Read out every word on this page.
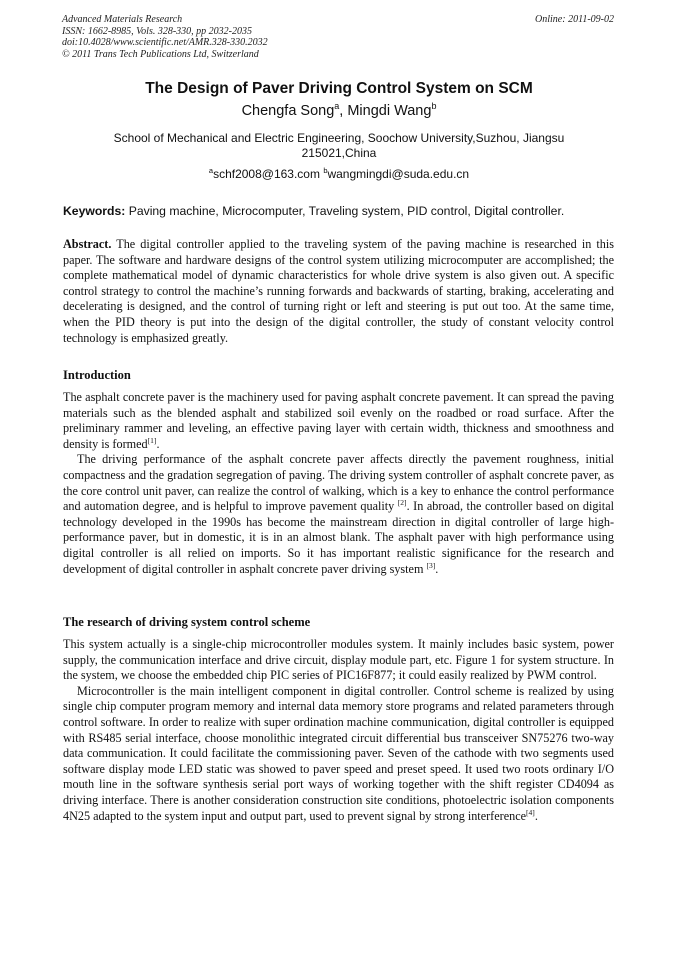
Advanced Materials Research
ISSN: 1662-8985, Vols. 328-330, pp 2032-2035
doi:10.4028/www.scientific.net/AMR.328-330.2032
© 2011 Trans Tech Publications Ltd, Switzerland
Online: 2011-09-02
The Design of Paver Driving Control System on SCM
Chengfa Song$^a$, Mingdi Wang$^b$
School of Mechanical and Electric Engineering, Soochow University,Suzhou, Jiangsu
215021,China
$^a$schf2008@163.com $^b$wangmingdi@suda.edu.cn
Keywords: Paving machine, Microcomputer, Traveling system, PID control, Digital controller.

Abstract. The digital controller applied to the traveling system of the paving machine is researched in this paper. The software and hardware designs of the control system utilizing microcomputer are accomplished; the complete mathematical model of dynamic characteristics for whole drive system is also given out. A specific control strategy to control the machine’s running forwards and backwards of starting, braking, accelerating and decelerating is designed, and the control of turning right or left and steering is put out too. At the same time, when the PID theory is put into the design of the digital controller, the study of constant velocity control technology is emphasized greatly.

Introduction

The asphalt concrete paver is the machinery used for paving asphalt concrete pavement. It can spread the paving materials such as the blended asphalt and stabilized soil evenly on the roadbed or road surface. After the preliminary rammer and leveling, an effective paving layer with certain width, thickness and smoothness and density is formed[1].

The driving performance of the asphalt concrete paver affects directly the pavement roughness, initial compactness and the gradation segregation of paving. The driving system controller of asphalt concrete paver, as the core control unit paver, can realize the control of walking, which is a key to enhance the control performance and automation degree, and is helpful to improve pavement quality [2]. In abroad, the controller based on digital technology developed in the 1990s has become the mainstream direction in digital controller of large high-performance paver, but in domestic, it is in an almost blank. The asphalt paver with high performance using digital controller is all relied on imports. So it has important realistic significance for the research and development of digital controller in asphalt concrete paver driving system [3].

The research of driving system control scheme

This system actually is a single-chip microcontroller modules system. It mainly includes basic system, power supply, the communication interface and drive circuit, display module part, etc. Figure 1 for system structure. In the system, we choose the embedded chip PIC series of PIC16F877; it could easily realized by PWM control.

Microcontroller is the main intelligent component in digital controller. Control scheme is realized by using single chip computer program memory and internal data memory store programs and related parameters through control software. In order to realize with super ordination machine communication, digital controller is equipped with RS485 serial interface, choose monolithic integrated circuit differential bus transceiver SN75276 two-way data communication. It could facilitate the commissioning paver. Seven of the cathode with two segments used software display mode LED static was showed to paver speed and preset speed. It used two roots ordinary I/O mouth line in the software synthesis serial port ways of working together with the shift register CD4094 as driving interface. There is another consideration construction site conditions, photoelectric isolation components 4N25 adapted to the system input and output part, used to prevent signal by strong interference[4].
